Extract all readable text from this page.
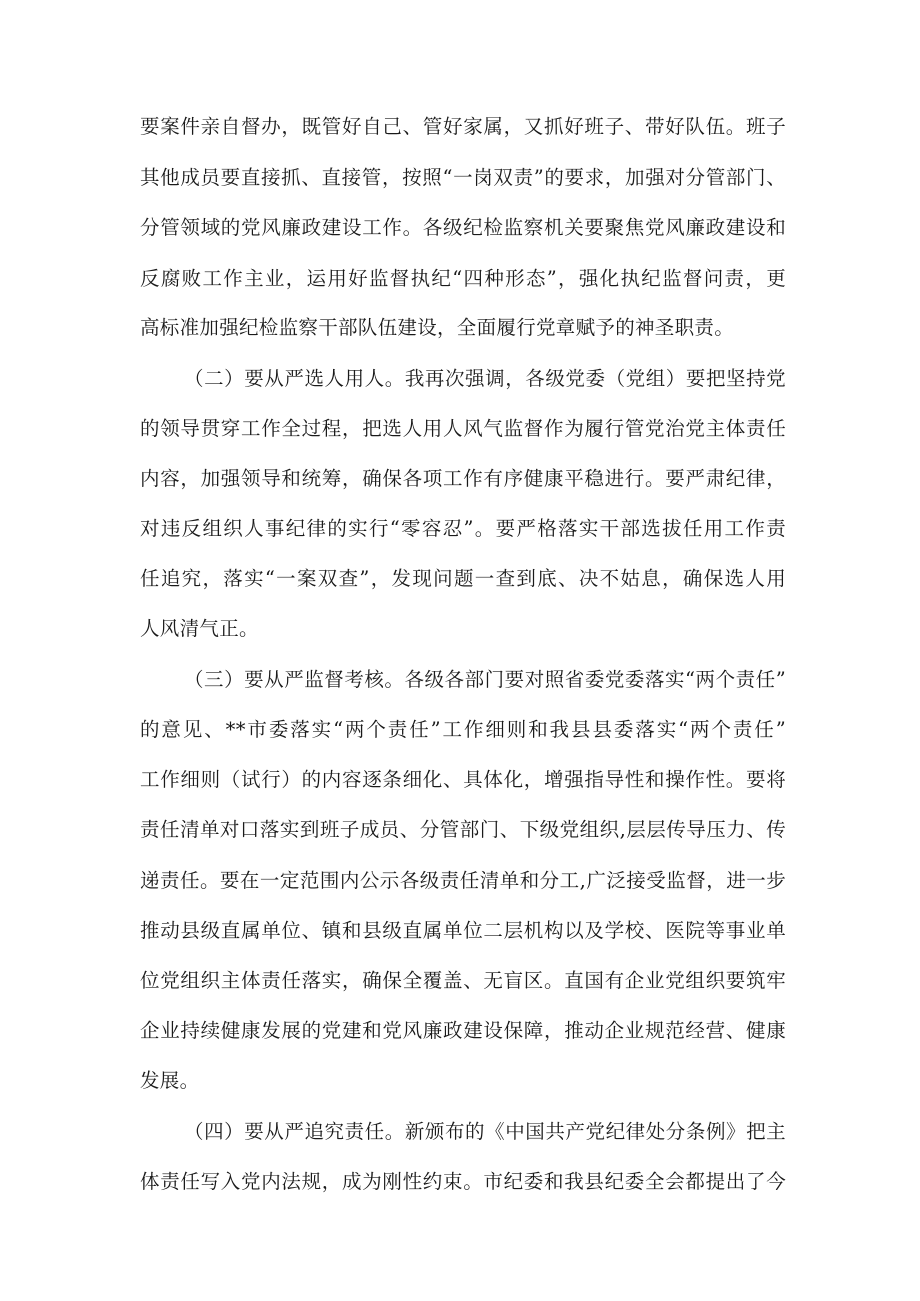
要案件亲自督办，既管好自己、管好家属，又抓好班子、带好队伍。班子
其他成员要直接抓、直接管，按照“一岗双责”的要求，加强对分管部门、
分管领域的党风廉政建设工作。各级纪检监察机关要聚焦党风廉政建设和
反腐败工作主业，运用好监督执纪“四种形态”，强化执纪监督问责，更
高标准加强纪检监察干部队伍建设，全面履行党章赋予的神圣职责。
（二）要从严选人用人。我再次强调，各级党委（党组）要把坚持党
的领导贯穿工作全过程，把选人用人风气监督作为履行管党治党主体责任
内容，加强领导和统筹，确保各项工作有序健康平稳进行。要严肃纪律，
对违反组织人事纪律的实行“零容忍”。要严格落实干部选拔任用工作责
任追究，落实“一案双查”，发现问题一查到底、决不姑息，确保选人用
人风清气正。
（三）要从严监督考核。各级各部门要对照省委党委落实“两个责任”
的意见、**市委落实“两个责任”工作细则和我县县委落实“两个责任”
工作细则（试行）的内容逐条细化、具体化，增强指导性和操作性。要将
责任清单对口落实到班子成员、分管部门、下级党组织,层层传导压力、传
递责任。要在一定范围内公示各级责任清单和分工,广泛接受监督，进一步
推动县级直属单位、镇和县级直属单位二层机构以及学校、医院等事业单
位党组织主体责任落实，确保全覆盖、无盲区。直国有企业党组织要筑牢
企业持续健康发展的党建和党风廉政建设保障，推动企业规范经营、健康
发展。
（四）要从严追究责任。新颁布的《中国共产党纪律处分条例》把主
体责任写入党内法规，成为刚性约束。市纪委和我县纪委全会都提出了今
